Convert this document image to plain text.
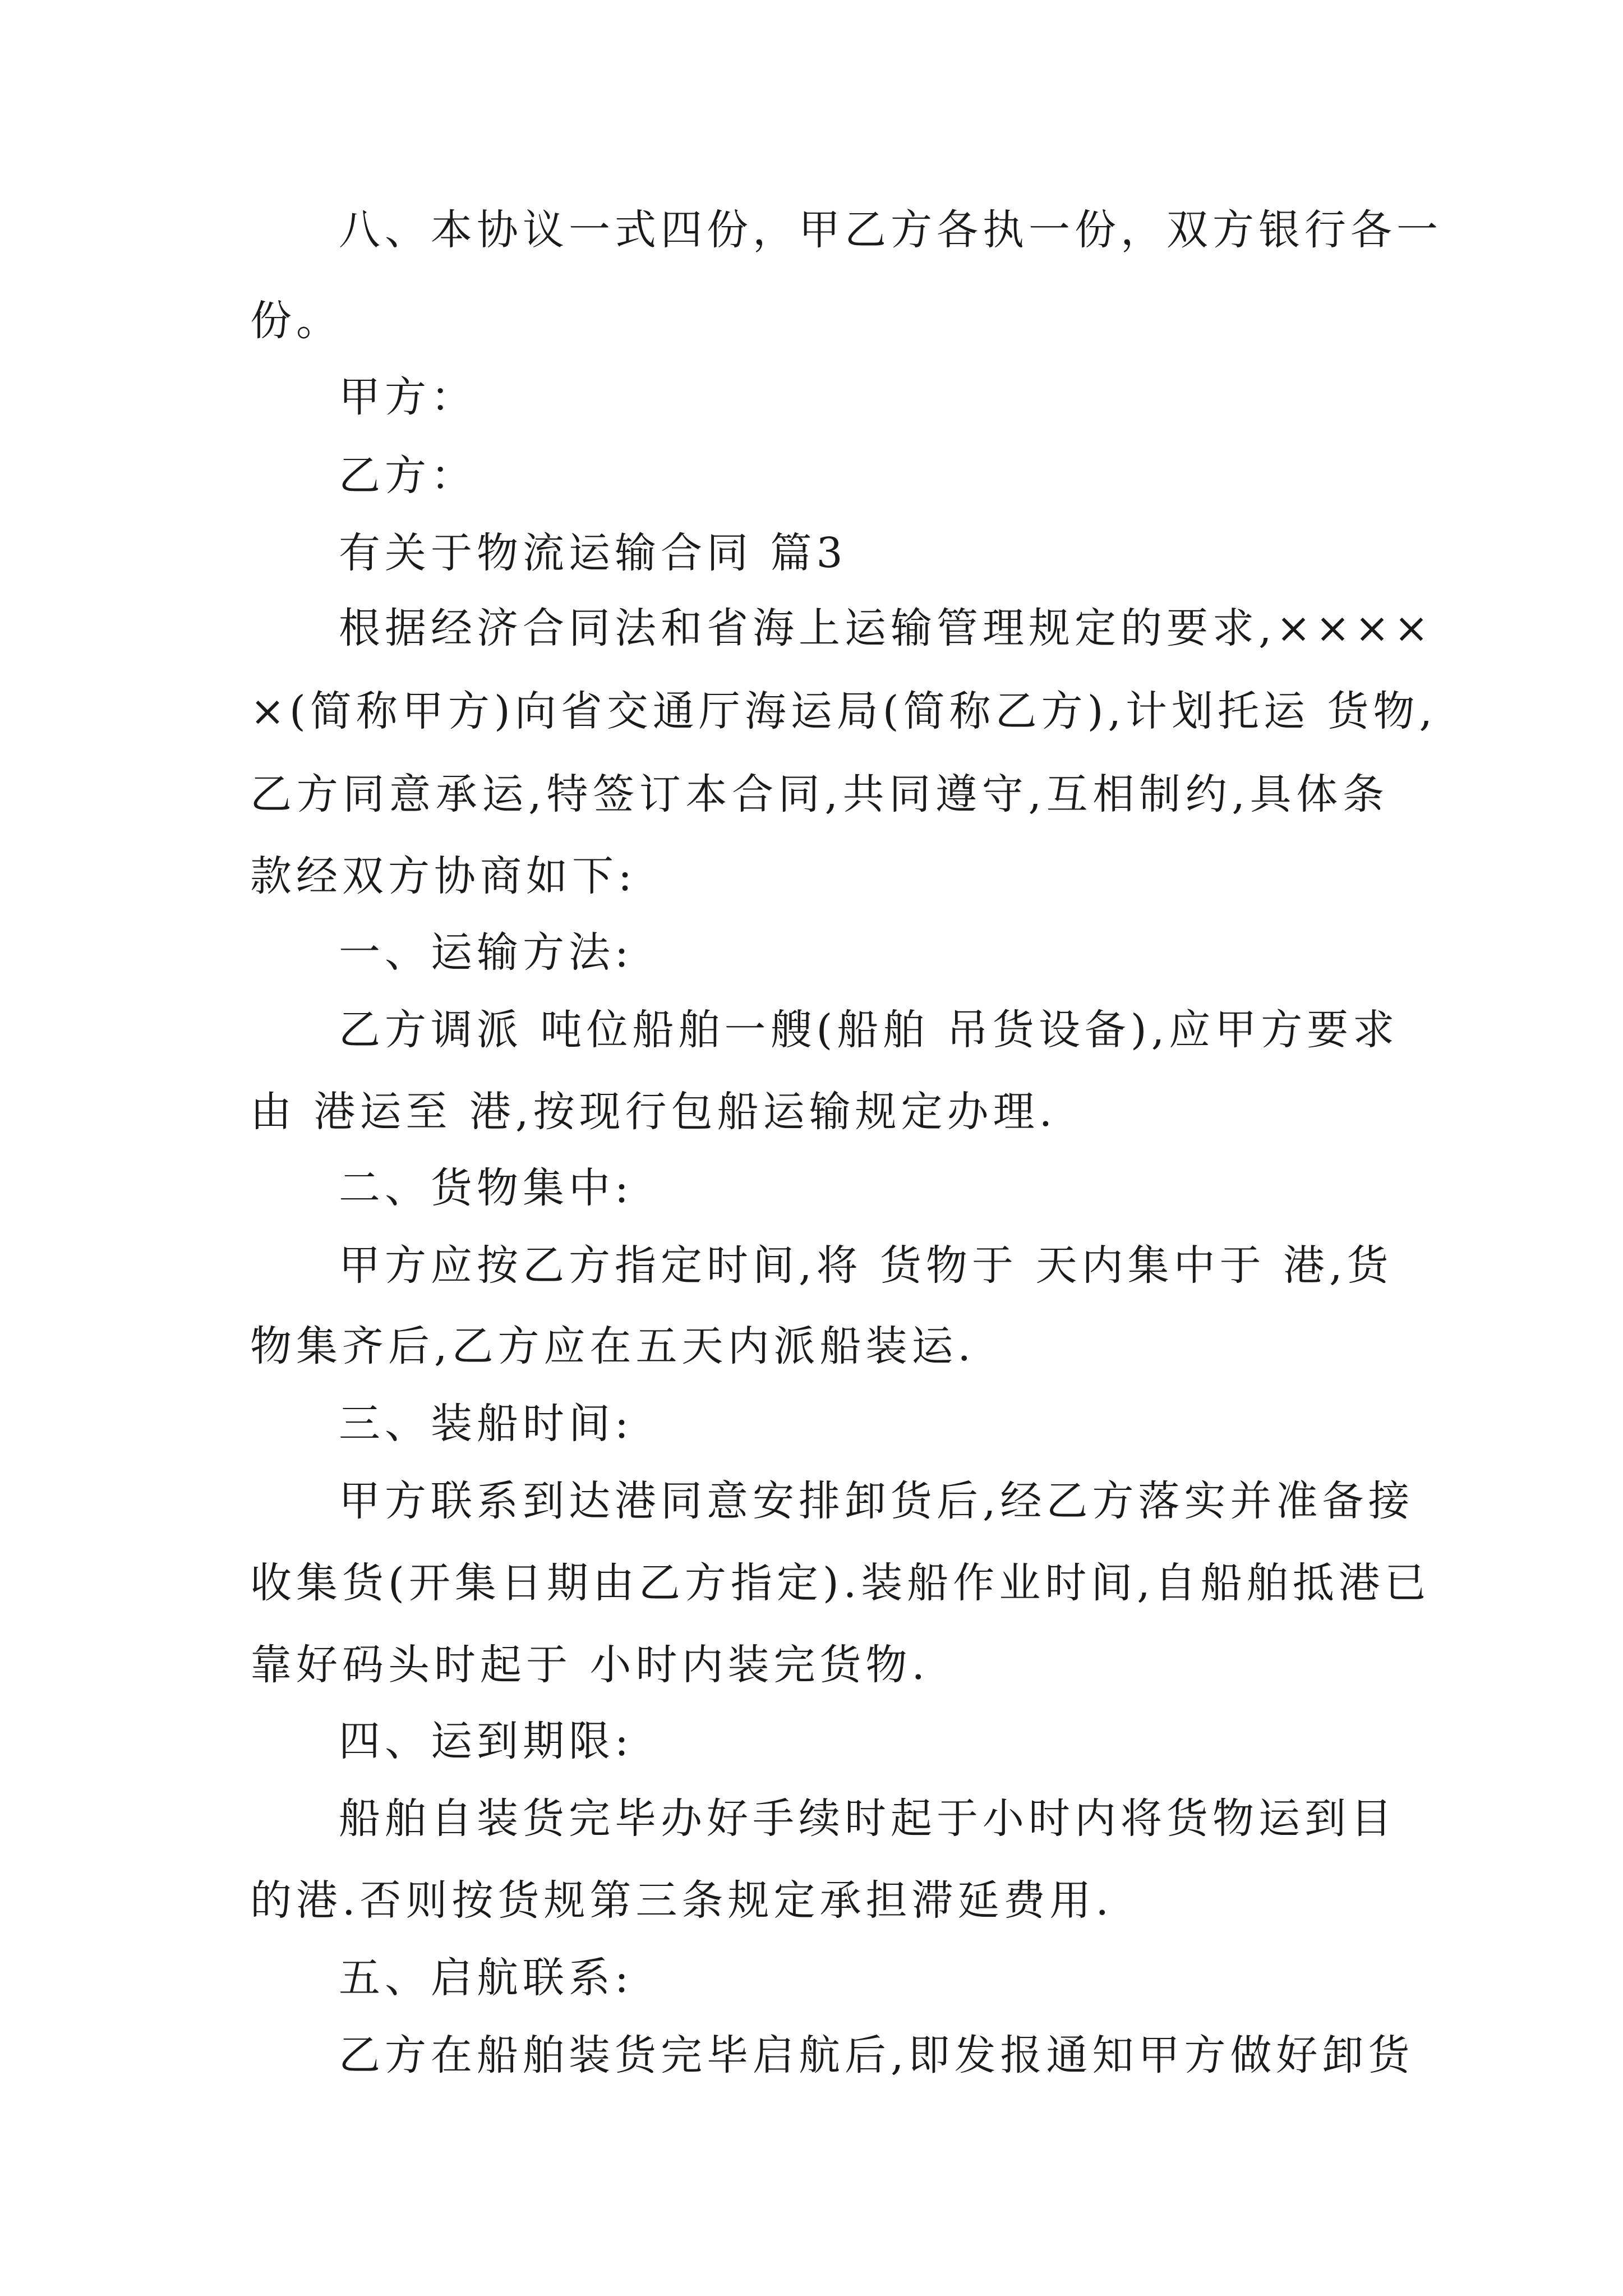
八、本协议一式四份，甲乙方各执一份，双方银行各一
份。
甲方：
乙方：
有关于物流运输合同 篇3
根据经济合同法和省海上运输管理规定的要求,××××
×(简称甲方)向省交通厅海运局(简称乙方),计划托运 货物,
乙方同意承运,特签订本合同,共同遵守,互相制约,具体条
款经双方协商如下:
一、运输方法:
乙方调派 吨位船舶一艘(船舶 吊货设备),应甲方要求
由 港运至 港,按现行包船运输规定办理.
二、货物集中:
甲方应按乙方指定时间,将 货物于 天内集中于 港,货
物集齐后,乙方应在五天内派船装运.
三、装船时间:
甲方联系到达港同意安排卸货后,经乙方落实并准备接
收集货(开集日期由乙方指定).装船作业时间,自船舶抵港已
靠好码头时起于 小时内装完货物.
四、运到期限:
船舶自装货完毕办好手续时起于小时内将货物运到目
的港.否则按货规第三条规定承担滞延费用.
五、启航联系:
乙方在船舶装货完毕启航后,即发报通知甲方做好卸货
